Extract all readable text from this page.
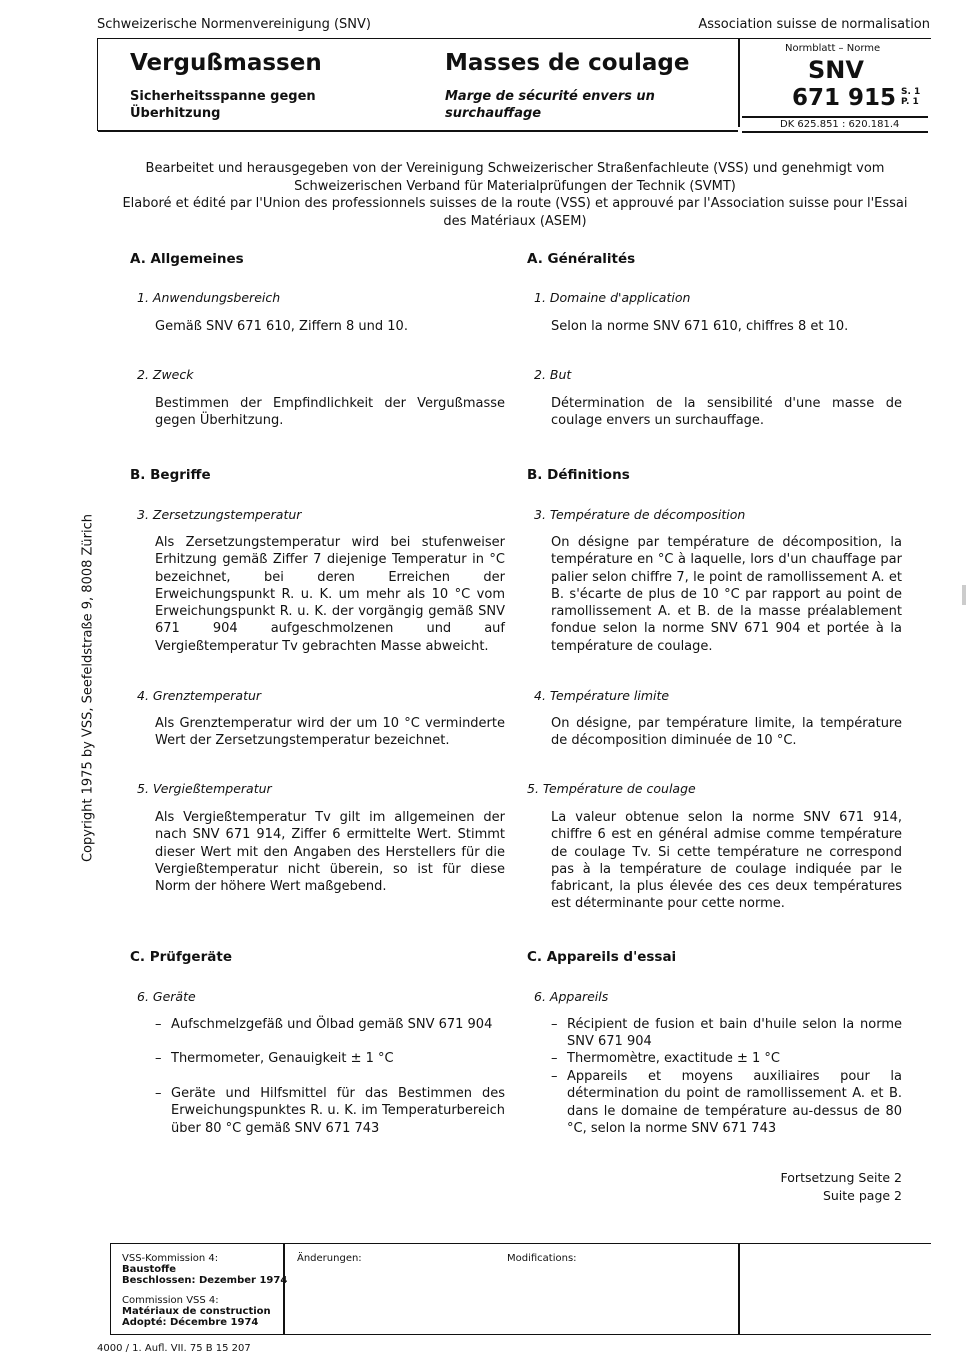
Schweizerische Normenvereinigung (SNV)	Association suisse de normalisation
Vergußmassen
Sicherheitsspanne gegen
Überhitzung
Masses de coulage
Marge de sécurité envers un
surchauffage
Normblatt – Norme
SNV
671 915 S. 1
P. 1
DK 625.851 : 620.181.4
Bearbeitet und herausgegeben von der Vereinigung Schweizerischer Straßenfachleute (VSS) und genehmigt vom
Schweizerischen Verband für Materialprüfungen der Technik (SVMT)
Elaboré et édité par l'Union des professionnels suisses de la route (VSS) et approuvé par l'Association suisse pour l'Essai
des Matériaux (ASEM)
Copyright 1975 by VSS, Seefeldstraße 9, 8008 Zürich
A. Allgemeines
1. Anwendungsbereich
Gemäß SNV 671 610, Ziffern 8 und 10.
2. Zweck
Bestimmen der Empfindlichkeit der Vergußmasse gegen Überhitzung.
B. Begriffe
3. Zersetzungstemperatur
Als Zersetzungstemperatur wird bei stufenweiser Erhitzung gemäß Ziffer 7 diejenige Temperatur in °C bezeichnet, bei deren Erreichen der Erweichungspunkt R. u. K. um mehr als 10 °C vom Erweichungspunkt R. u. K. der vorgängig gemäß SNV 671 904 aufgeschmolzenen und auf Vergießtemperatur Tv gebrachten Masse abweicht.
4. Grenztemperatur
Als Grenztemperatur wird der um 10 °C verminderte Wert der Zersetzungstemperatur bezeichnet.
5. Vergießtemperatur
Als Vergießtemperatur Tv gilt im allgemeinen der nach SNV 671 914, Ziffer 6 ermittelte Wert. Stimmt dieser Wert mit den Angaben des Herstellers für die Vergießtemperatur nicht überein, so ist für diese Norm der höhere Wert maßgebend.
C. Prüfgeräte
6. Geräte
– Aufschmelzgefäß und Ölbad gemäß SNV 671 904
– Thermometer, Genauigkeit ± 1 °C
– Geräte und Hilfsmittel für das Bestimmen des Erweichungspunktes R. u. K. im Temperaturbereich über 80 °C gemäß SNV 671 743
A. Généralités
1. Domaine d'application
Selon la norme SNV 671 610, chiffres 8 et 10.
2. But
Détermination de la sensibilité d'une masse de coulage envers un surchauffage.
B. Définitions
3. Température de décomposition
On désigne par température de décomposition, la température en °C à laquelle, lors d'un chauffage par palier selon chiffre 7, le point de ramollissement A. et B. s'écarte de plus de 10 °C par rapport au point de ramollissement A. et B. de la masse préalablement fondue selon la norme SNV 671 904 et portée à la température de coulage.
4. Température limite
On désigne, par température limite, la température de décomposition diminuée de 10 °C.
5. Température de coulage
La valeur obtenue selon la norme SNV 671 914, chiffre 6 est en général admise comme température de coulage Tv. Si cette température ne correspond pas à la température de coulage indiquée par le fabricant, la plus élevée des ces deux températures est déterminante pour cette norme.
C. Appareils d'essai
6. Appareils
– Récipient de fusion et bain d'huile selon la norme SNV 671 904
– Thermomètre, exactitude ± 1 °C
– Appareils et moyens auxiliaires pour la détermination du point de ramollissement A. et B. dans le domaine de température au-dessus de 80 °C, selon la norme SNV 671 743
Fortsetzung Seite 2
Suite page 2
VSS-Kommission 4:
Baustoffe
Beschlossen: Dezember 1974
Commission VSS 4:
Matériaux de construction
Adopté: Décembre 1974
Änderungen:	Modifications:
4000 / 1. Aufl. VII. 75 B 15 207
